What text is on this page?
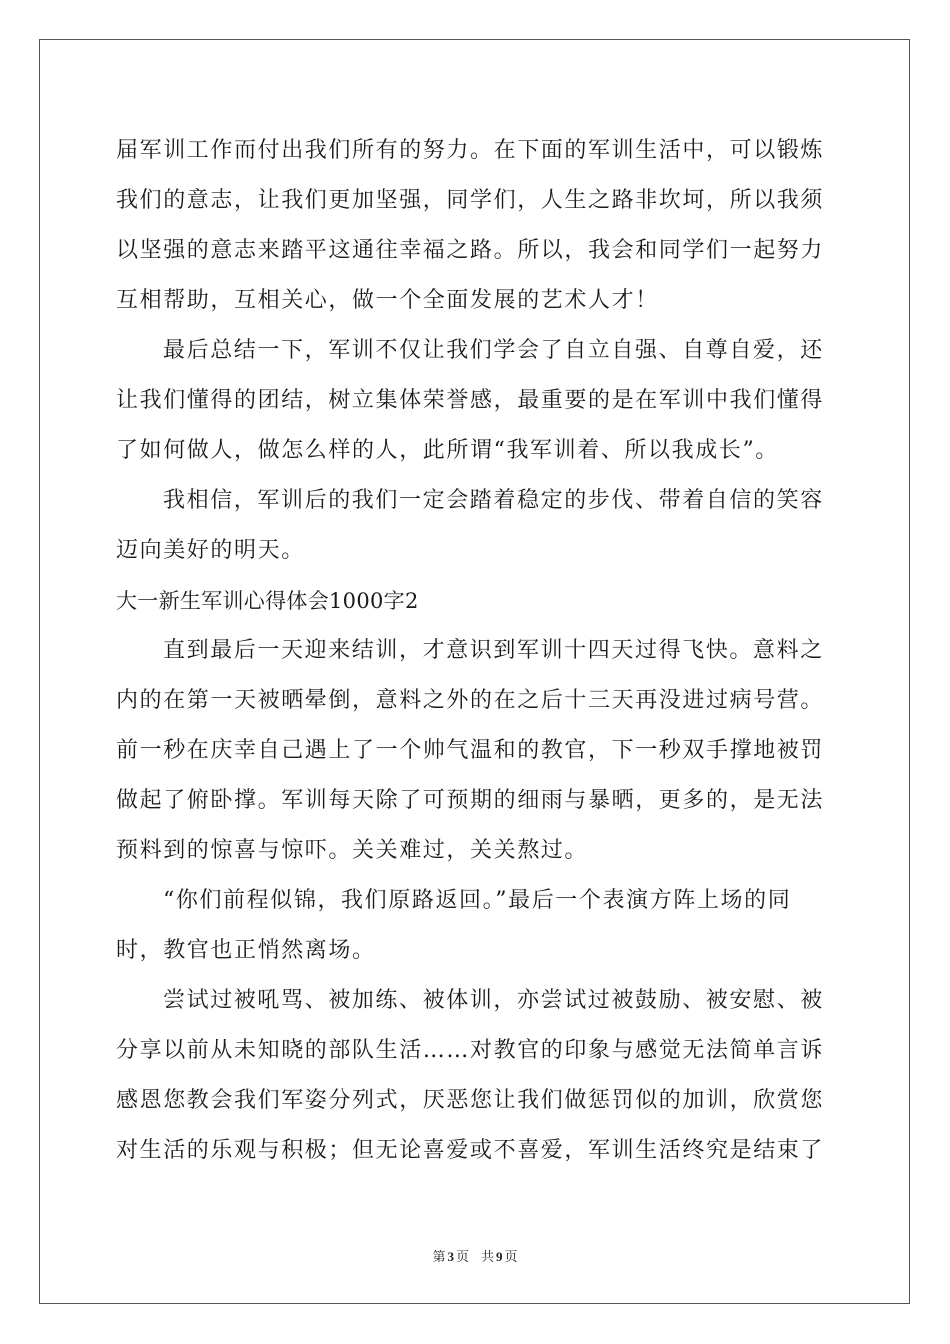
届军训工作而付出我们所有的努力。在下面的军训生活中，可以锻炼
我们的意志，让我们更加坚强，同学们，人生之路非坎坷，所以我须
以坚强的意志来踏平这通往幸福之路。所以，我会和同学们一起努力
互相帮助，互相关心，做一个全面发展的艺术人才！
最后总结一下，军训不仅让我们学会了自立自强、自尊自爱，还
让我们懂得的团结，树立集体荣誉感，最重要的是在军训中我们懂得
了如何做人，做怎么样的人，此所谓“我军训着、所以我成长”。
我相信，军训后的我们一定会踏着稳定的步伐、带着自信的笑容
迈向美好的明天。
大一新生军训心得体会1000字2
直到最后一天迎来结训，才意识到军训十四天过得飞快。意料之
内的在第一天被晒晕倒，意料之外的在之后十三天再没进过病号营。
前一秒在庆幸自己遇上了一个帅气温和的教官，下一秒双手撑地被罚
做起了俯卧撑。军训每天除了可预期的细雨与暴晒，更多的，是无法
预料到的惊喜与惊吓。关关难过，关关熬过。
“你们前程似锦，我们原路返回。”最后一个表演方阵上场的同
时，教官也正悄然离场。
尝试过被吼骂、被加练、被体训，亦尝试过被鼓励、被安慰、被
分享以前从未知晓的部队生活……对教官的印象与感觉无法简单言诉
感恩您教会我们军姿分列式，厌恶您让我们做惩罚似的加训，欣赏您
对生活的乐观与积极；但无论喜爱或不喜爱，军训生活终究是结束了
第 3 页 共 9 页
